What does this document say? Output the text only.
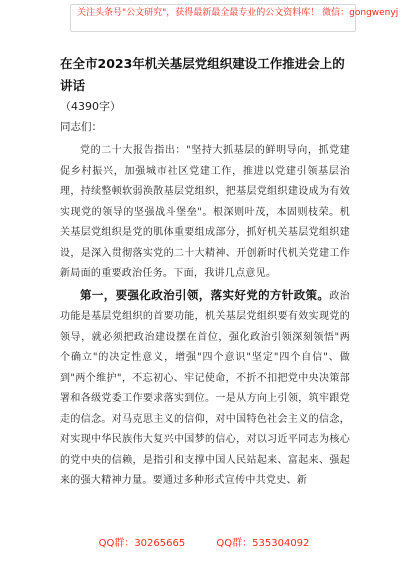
关注头条号"公文研究"，获得最新最全最专业的公文资料库！ 微信：gongwenyj

在全市2023年机关基层党组织建设工作推进会上的讲话

（4390字）

同志们：

党的二十大报告指出："坚持大抓基层的鲜明导向，抓党建促乡村振兴，加强城市社区党建工作，推进以党建引领基层治理，持续整顿软弱涣散基层党组织，把基层党组织建设成为有效实现党的领导的坚强战斗堡垒"。根深则叶茂，本固则枝荣。机关基层党组织是党的肌体重要组成部分，抓好机关基层党组织建设，是深入贯彻落实党的二十大精神、开创新时代机关党建工作新局面的重要政治任务。下面，我讲几点意见。

第一，要强化政治引领，落实好党的方针政策。政治功能是基层党组织的首要功能，机关基层党组织要有效实现党的领导，就必须把政治建设摆在首位，强化政治引领深刻领悟"两个确立"的决定性意义，增强"四个意识"坚定"四个自信"、做到"两个维护"，不忘初心、牢记使命，不折不扣把党中央决策部署和各级党委工作要求落实到位。一是从方向上引领，筑牢跟党走的信念。对马克思主义的信仰，对中国特色社会主义的信念，对实现中华民族伟大复兴中国梦的信心，对以习近平同志为核心的党中央的信赖，是指引和支撑中国人民站起来、富起来、强起来的强大精神力量。要通过多种形式宣传中共党史、新

QQ群：30265665	QQ群：535304092
